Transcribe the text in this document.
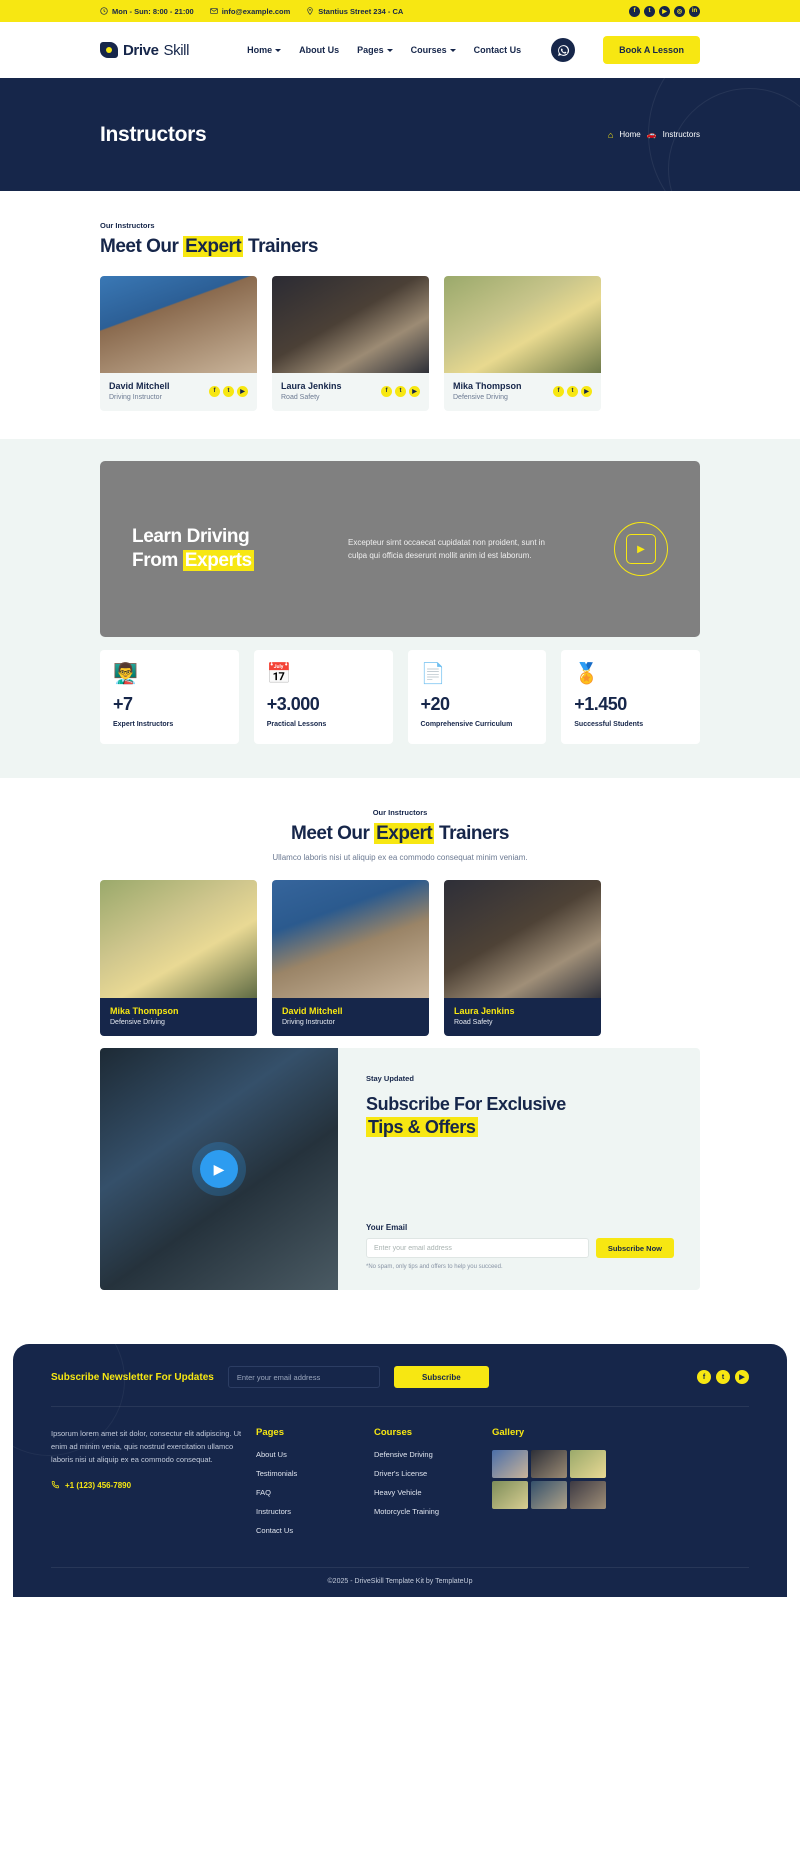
Mon - Sun: 8:00 - 21:00	info@example.com	Stantius Street 234 - CA	f	t	▶	◎	in
Drive Skill	Home	About Us Pages	Courses	Contact Us	Book A Lesson
Instructors	⌂ Home 🚗 Instructors
Our Instructors
Meet Our Expert Trainers
David Mitchell
Driving Instructor
f	t	▶
Laura Jenkins
Road Safety
f	t	▶
Mika Thompson
Defensive Driving
f	t	▶
Learn Driving
From Experts

Excepteur sirnt occaecat cupidatat non proident, sunt in culpa qui officia deserunt mollit anim id est laborum.

▶
👨‍🏫
+7
Expert Instructors
📅
+3.000
Practical Lessons
📄
+20
Comprehensive Curriculum
🏅
+1.450
Successful Students
Our Instructors
Meet Our Expert Trainers
Ullamco laboris nisi ut aliquip ex ea commodo consequat minim veniam.
Mika Thompson
Defensive Driving
David Mitchell
Driving Instructor
Laura Jenkins
Road Safety
▶
Stay Updated
Subscribe For Exclusive
Tips & Offers
Your Email
Enter your email address
Subscribe Now
*No spam, only tips and offers to help you succeed.
Subscribe Newsletter For Updates
Enter your email address	Subscribe	f	t	▶

Ipsorum lorem amet sit dolor, consectur elit adipiscing. Ut enim ad minim venia, quis nostrud exercitation ullamco laboris nisi ut aliquip ex ea commodo consequat.

+1 (123) 456-7890
Pages
About Us
Testimonials
FAQ
Instructors
Contact Us
Courses
Defensive Driving
Driver's License
Heavy Vehicle
Motorcycle Training
Gallery
©2025 - DriveSkill Template Kit by TemplateUp
